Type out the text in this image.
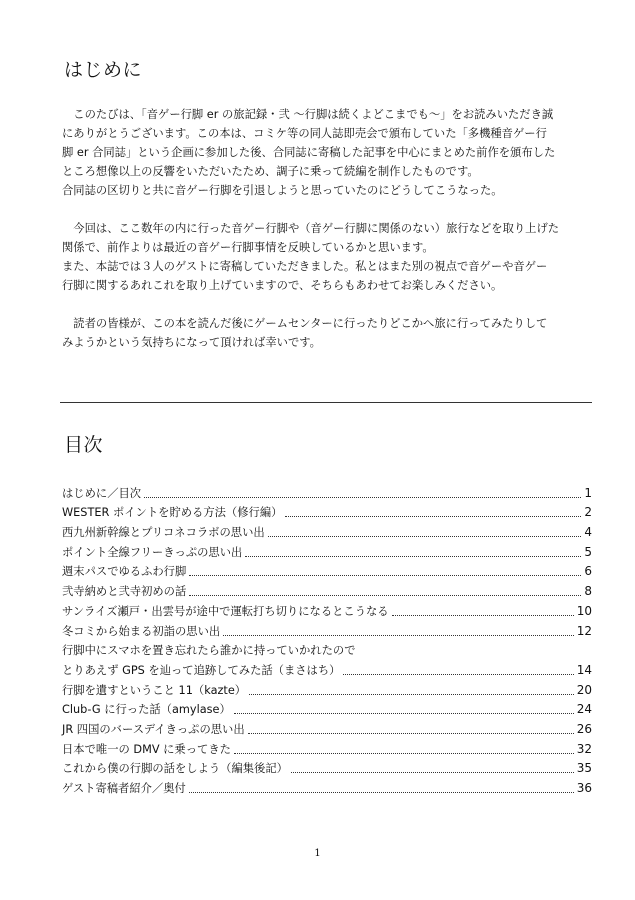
はじめに
　このたびは、「音ゲー行脚 er の旅記録・弐 ～行脚は続くよどこまでも～」をお読みいただき誠
にありがとうございます。この本は、コミケ等の同人誌即売会で頒布していた「多機種音ゲー行
脚 er 合同誌」という企画に参加した後、合同誌に寄稿した記事を中心にまとめた前作を頒布した
ところ想像以上の反響をいただいたため、調子に乗って続編を制作したものです。
合同誌の区切りと共に音ゲー行脚を引退しようと思っていたのにどうしてこうなった。
　今回は、ここ数年の内に行った音ゲー行脚や（音ゲー行脚に関係のない）旅行などを取り上げた
関係で、前作よりは最近の音ゲー行脚事情を反映しているかと思います。
また、本誌では３人のゲストに寄稿していただきました。私とはまた別の視点で音ゲーや音ゲー
行脚に関するあれこれを取り上げていますので、そちらもあわせてお楽しみください。
　読者の皆様が、この本を読んだ後にゲームセンターに行ったりどこかへ旅に行ってみたりして
みようかという気持ちになって頂ければ幸いです。
目次
はじめに／目次	1
WESTER ポイントを貯める方法（修行編）	2
西九州新幹線とプリコネコラボの思い出	4
ポイント全線フリーきっぷの思い出	5
週末パスでゆるふわ行脚	6
弐寺納めと弐寺初めの話	8
サンライズ瀬戸・出雲号が途中で運転打ち切りになるとこうなる	10
冬コミから始まる初詣の思い出	12
行脚中にスマホを置き忘れたら誰かに持っていかれたので
とりあえず GPS を辿って追跡してみた話（まさはち）	14
行脚を遺すということ 11（kazte）	20
Club-G に行った話（amylase）	24
JR 四国のバースデイきっぷの思い出	26
日本で唯一の DMV に乗ってきた	32
これから僕の行脚の話をしよう（編集後記）	35
ゲスト寄稿者紹介／奥付	36
1
